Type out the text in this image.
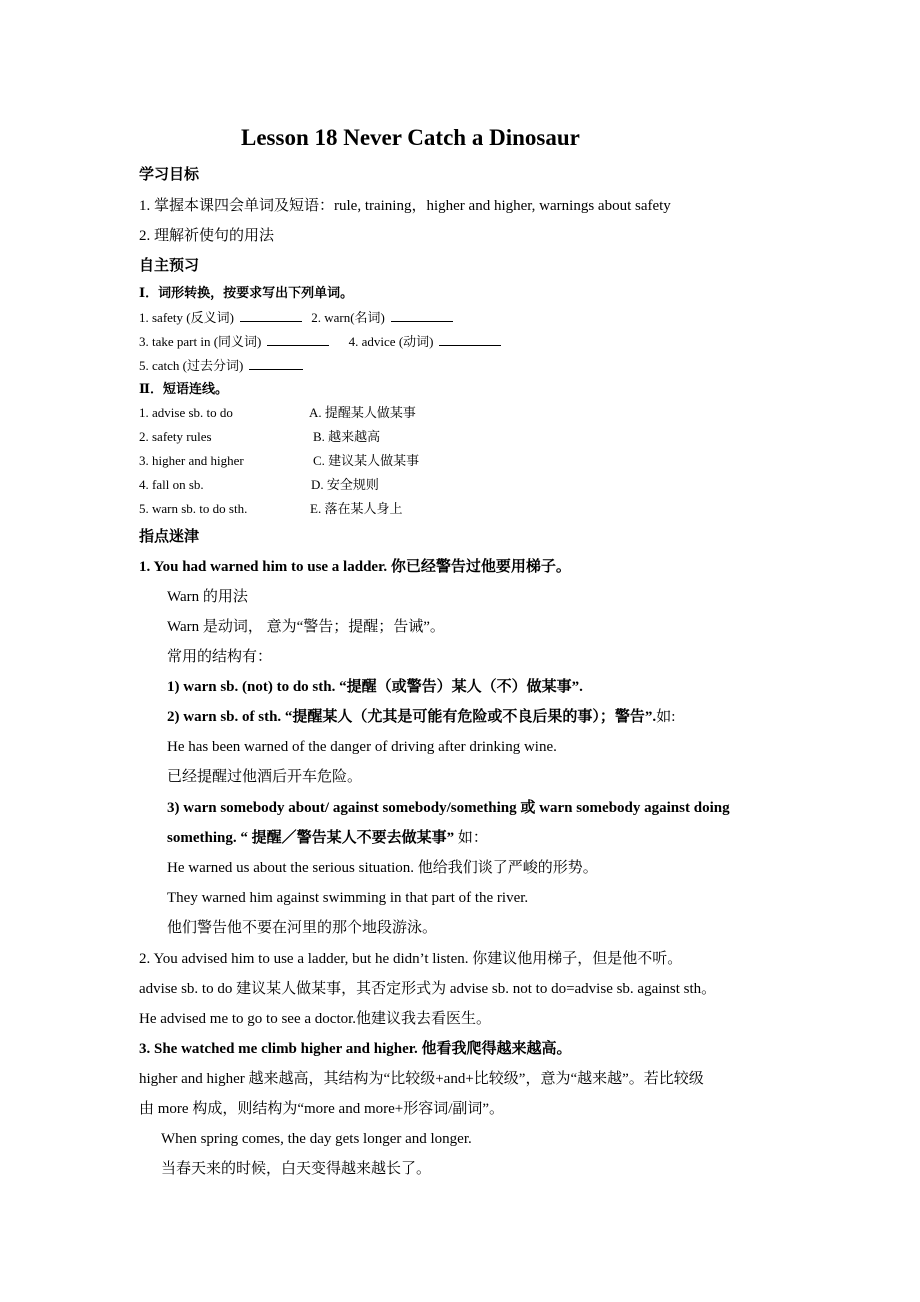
Lesson 18 Never Catch a Dinosaur
学习目标
1. 掌握本课四会单词及短语：rule, training，higher and higher, warnings about safety
2. 理解祈使句的用法
自主预习
Ⅰ．词形转换，按要求写出下列单词。
1. safety (反义词)	2. warn(名词)
3. take part in (同义词)	4. advice (动词)
5. catch (过去分词)
Ⅱ．短语连线。
1. advise sb. to do	A. 提醒某人做某事
2. safety rules	B. 越来越高
3. higher and higher	C. 建议某人做某事
4. fall on sb.	D. 安全规则
5. warn sb. to do sth.	E. 落在某人身上
指点迷津
1. You had warned him to use a ladder. 你已经警告过他要用梯子。
Warn 的用法
Warn 是动词， 意为“警告；提醒；告诫”。
常用的结构有：
1) warn sb. (not) to do sth. “提醒（或警告）某人（不）做某事”.
2) warn sb. of sth. “提醒某人（尤其是可能有危险或不良后果的事）；警告”.如:
He has been warned of the danger of driving after drinking wine.
已经提醒过他酒后开车危险。
3) warn somebody about/ against somebody/something 或 warn somebody against doing
something. “ 提醒／警告某人不要去做某事” 如：
He warned us about the serious situation. 他给我们谈了严峻的形势。
They warned him against swimming in that part of the river.
他们警告他不要在河里的那个地段游泳。
2. You advised him to use a ladder, but he didn’t listen. 你建议他用梯子，但是他不听。
advise sb. to do 建议某人做某事，其否定形式为 advise sb. not to do=advise sb. against sth。
He advised me to go to see a doctor.他建议我去看医生。
3. She watched me climb higher and higher. 他看我爬得越来越高。
higher and higher 越来越高，其结构为“比较级+and+比较级”，意为“越来越”。若比较级
由 more 构成，则结构为“more and more+形容词/副词”。
When spring comes, the day gets longer and longer.
当春天来的时候，白天变得越来越长了。
